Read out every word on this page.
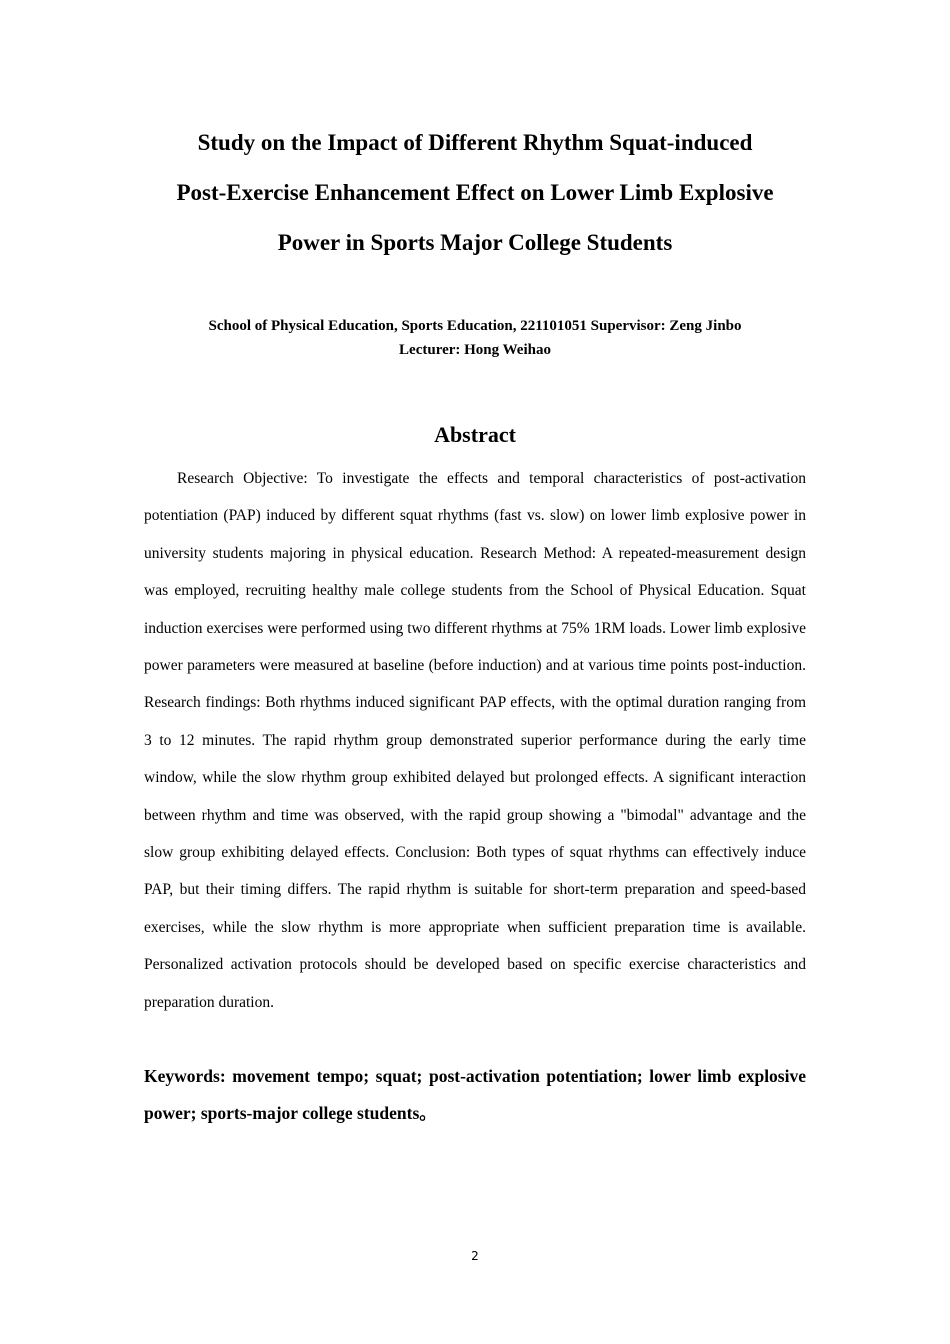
Study on the Impact of Different Rhythm Squat-induced
Post-Exercise Enhancement Effect on Lower Limb Explosive
Power in Sports Major College Students
School of Physical Education, Sports Education, 221101051 Supervisor: Zeng Jinbo
Lecturer: Hong Weihao
Abstract

Research Objective: To investigate the effects and temporal characteristics of post-activation potentiation (PAP) induced by different squat rhythms (fast vs. slow) on lower limb explosive power in university students majoring in physical education. Research Method: A repeated-measurement design was employed, recruiting healthy male college students from the School of Physical Education. Squat induction exercises were performed using two different rhythms at 75% 1RM loads. Lower limb explosive power parameters were measured at baseline (before induction) and at various time points post-induction. Research findings: Both rhythms induced significant PAP effects, with the optimal duration ranging from 3 to 12 minutes. The rapid rhythm group demonstrated superior performance during the early time window, while the slow rhythm group exhibited delayed but prolonged effects. A significant interaction between rhythm and time was observed, with the rapid group showing a "bimodal" advantage and the slow group exhibiting delayed effects. Conclusion: Both types of squat rhythms can effectively induce PAP, but their timing differs. The rapid rhythm is suitable for short-term preparation and speed-based exercises, while the slow rhythm is more appropriate when sufficient preparation time is available. Personalized activation protocols should be developed based on specific exercise characteristics and preparation duration.

Keywords: movement tempo; squat; post-activation potentiation; lower limb explosive power; sports-major college students。

2
